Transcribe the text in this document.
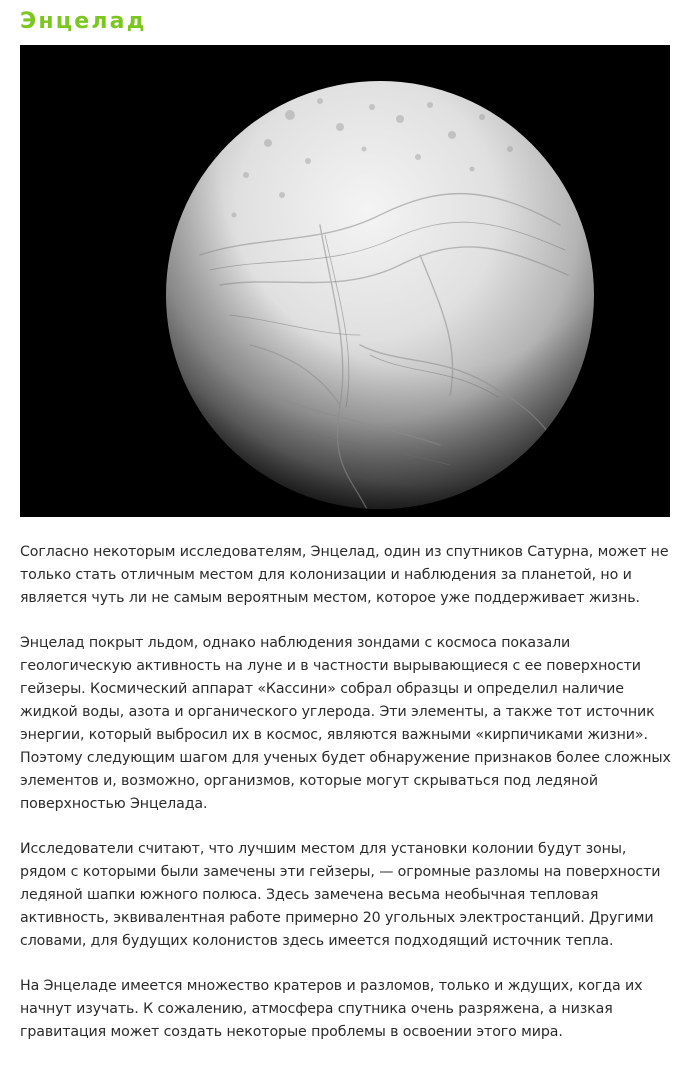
Энцелад

Согласно некоторым исследователям, Энцелад, один из спутников Сатурна, может не только стать отличным местом для колонизации и наблюдения за планетой, но и является чуть ли не самым вероятным местом, которое уже поддерживает жизнь.

Энцелад покрыт льдом, однако наблюдения зондами с космоса показали геологическую активность на луне и в частности вырывающиеся с ее поверхности гейзеры. Космический аппарат «Кассини» собрал образцы и определил наличие жидкой воды, азота и органического углерода. Эти элементы, а также тот источник энергии, который выбросил их в космос, являются важными «кирпичиками жизни». Поэтому следующим шагом для ученых будет обнаружение признаков более сложных элементов и, возможно, организмов, которые могут скрываться под ледяной поверхностью Энцелада.

Исследователи считают, что лучшим местом для установки колонии будут зоны, рядом с которыми были замечены эти гейзеры, — огромные разломы на поверхности ледяной шапки южного полюса. Здесь замечена весьма необычная тепловая активность, эквивалентная работе примерно 20 угольных электростанций. Другими словами, для будущих колонистов здесь имеется подходящий источник тепла.

На Энцеладе имеется множество кратеров и разломов, только и ждущих, когда их начнут изучать. К сожалению, атмосфера спутника очень разряжена, а низкая гравитация может создать некоторые проблемы в освоении этого мира.
